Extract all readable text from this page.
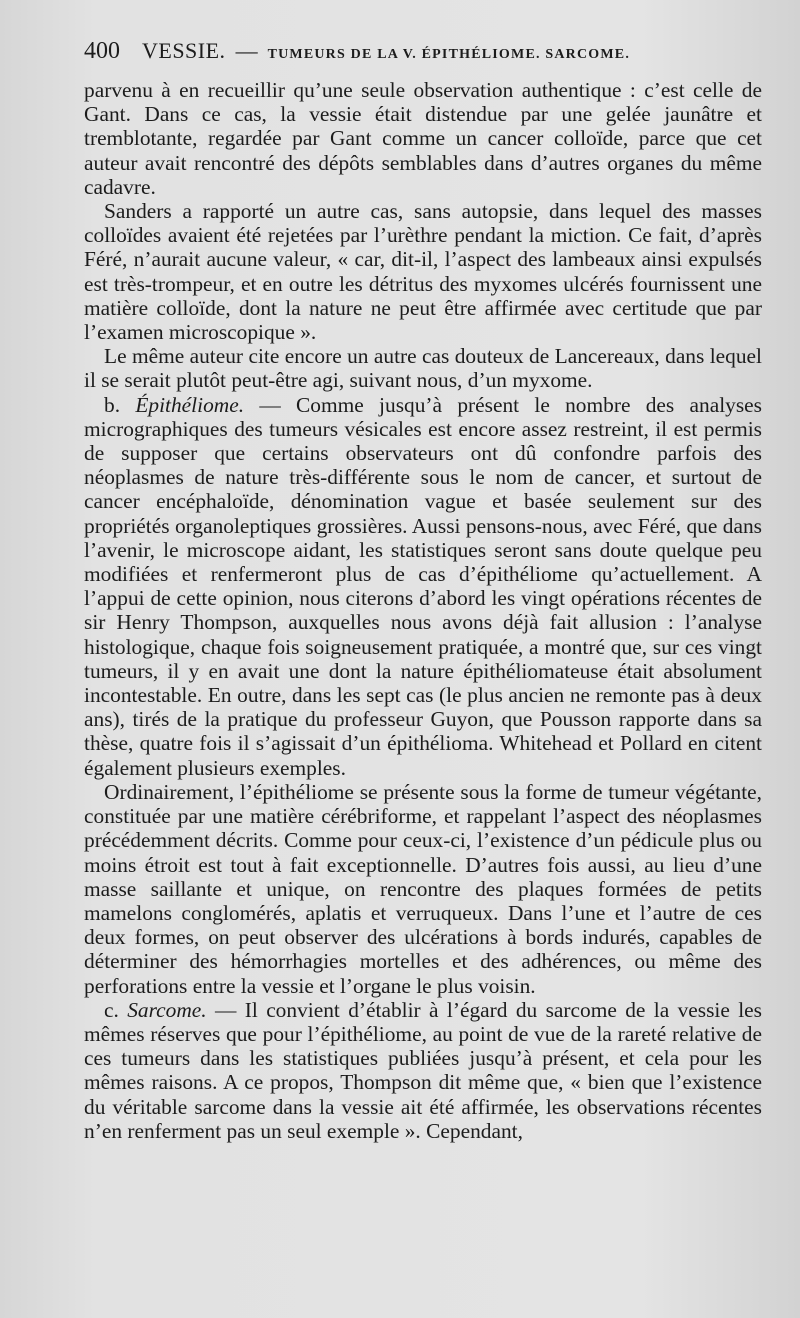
400 VESSIE. — TUMEURS DE LA V. ÉPITHÉLIOME. SARCOME.

parvenu à en recueillir qu’une seule observation authentique : c’est celle de Gant. Dans ce cas, la vessie était distendue par une gelée jaunâtre et tremblotante, regardée par Gant comme un cancer colloïde, parce que cet auteur avait rencontré des dépôts semblables dans d’autres organes du même cadavre.

Sanders a rapporté un autre cas, sans autopsie, dans lequel des masses colloïdes avaient été rejetées par l’urèthre pendant la miction. Ce fait, d’après Féré, n’aurait aucune valeur, « car, dit-il, l’aspect des lambeaux ainsi expulsés est très-trompeur, et en outre les détritus des myxomes ulcérés fournissent une matière colloïde, dont la nature ne peut être affirmée avec certitude que par l’examen microscopique ».

Le même auteur cite encore un autre cas douteux de Lancereaux, dans lequel il se serait plutôt peut-être agi, suivant nous, d’un myxome.

b. Épithéliome. — Comme jusqu’à présent le nombre des analyses micrographiques des tumeurs vésicales est encore assez restreint, il est permis de supposer que certains observateurs ont dû confondre parfois des néoplasmes de nature très-différente sous le nom de cancer, et surtout de cancer encéphaloïde, dénomination vague et basée seulement sur des propriétés organoleptiques grossières. Aussi pensons-nous, avec Féré, que dans l’avenir, le microscope aidant, les statistiques seront sans doute quelque peu modifiées et renfermeront plus de cas d’épithéliome qu’actuellement. A l’appui de cette opinion, nous citerons d’abord les vingt opérations récentes de sir Henry Thompson, auxquelles nous avons déjà fait allusion : l’analyse histologique, chaque fois soigneusement pratiquée, a montré que, sur ces vingt tumeurs, il y en avait une dont la nature épithéliomateuse était absolument incontestable. En outre, dans les sept cas (le plus ancien ne remonte pas à deux ans), tirés de la pratique du professeur Guyon, que Pousson rapporte dans sa thèse, quatre fois il s’agissait d’un épithélioma. Whitehead et Pollard en citent également plusieurs exemples.

Ordinairement, l’épithéliome se présente sous la forme de tumeur végétante, constituée par une matière cérébriforme, et rappelant l’aspect des néoplasmes précédemment décrits. Comme pour ceux-ci, l’existence d’un pédicule plus ou moins étroit est tout à fait exceptionnelle. D’autres fois aussi, au lieu d’une masse saillante et unique, on rencontre des plaques formées de petits mamelons conglomérés, aplatis et verruqueux. Dans l’une et l’autre de ces deux formes, on peut observer des ulcérations à bords indurés, capables de déterminer des hémorrhagies mortelles et des adhérences, ou même des perforations entre la vessie et l’organe le plus voisin.

c. Sarcome. — Il convient d’établir à l’égard du sarcome de la vessie les mêmes réserves que pour l’épithéliome, au point de vue de la rareté relative de ces tumeurs dans les statistiques publiées jusqu’à présent, et cela pour les mêmes raisons. A ce propos, Thompson dit même que, « bien que l’existence du véritable sarcome dans la vessie ait été affirmée, les observations récentes n’en renferment pas un seul exemple ». Cependant,
